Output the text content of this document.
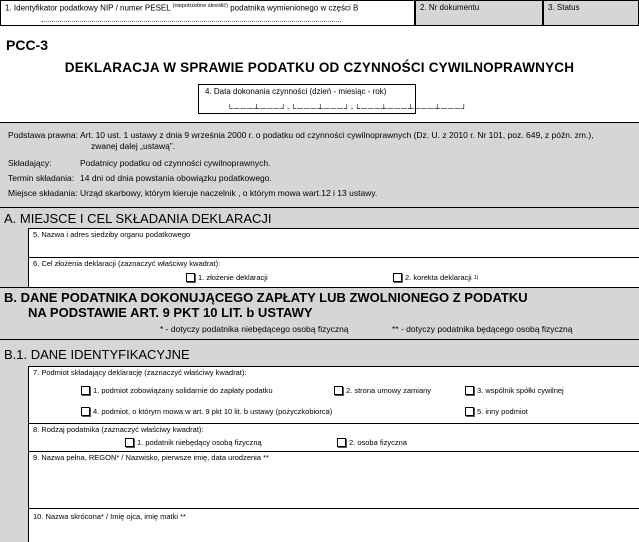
1. Identyfikator podatkowy NIP / numer PESEL $^{(niepotrzebne skreślić)}$ podatnika wymienionego w części B	2. Nr dokumentu	3. Status
PCC-3
DEKLARACJA W SPRAWIE PODATKU OD CZYNNOŚCI CYWILNOPRAWNYCH
4. Data dokonania czynności (dzień - miesiąc - rok)
└───┴───┘-└───┴───┘-└───┴───┴───┴───┘
Podstawa prawna: Art. 10 ust. 1 ustawy z dnia 9 września 2000 r. o podatku od czynności cywilnoprawnych (Dz. U. z 2010 r. Nr 101, poz. 649, z późn. zm.),
zwanej dalej „ustawą”.
Składający:	Podatnicy podatku od czynności cywilnoprawnych.
Termin składania: 14 dni od dnia powstania obowiązku podatkowego.
Miejsce składania: Urząd skarbowy, którym kieruje naczelnik , o którym mowa wart.12 i 13 ustawy.
A. MIEJSCE I CEL SKŁADANIA DEKLARACJI
5. Nazwa i adres siedziby organu podatkowego
6. Cel złożenia deklaracji (zaznaczyć właściwy kwadrat):
1. złożenie deklaracji	2. korekta deklaracji
1)
B. DANE PODATNIKA DOKONUJĄCEGO ZAPŁATY LUB ZWOLNIONEGO Z PODATKU
NA PODSTAWIE ART. 9 PKT 10 LIT. b USTAWY
* - dotyczy podatnika niebędącego osobą fizyczną	** - dotyczy podatnika będącego osobą fizyczną
B.1. DANE IDENTYFIKACYJNE
7. Podmiot składający deklarację (zaznaczyć właściwy kwadrat):
1. podmiot zobowiązany solidarnie do zapłaty podatku	2. strona umowy zamiany	3. wspólnik spółki cywilnej
4. podmiot, o którym mowa w art. 9 pkt 10 lit. b ustawy (pożyczkobiorca)	5. inny podmiot
8. Rodzaj podatnika (zaznaczyć właściwy kwadrat):
1. podatnik niebędący osobą fizyczną	2. osoba fizyczna
9. Nazwa pełna, REGON* / Nazwisko, pierwsze imię, data urodzenia **
10. Nazwa skrócona* / Imię ojca, imię matki **
